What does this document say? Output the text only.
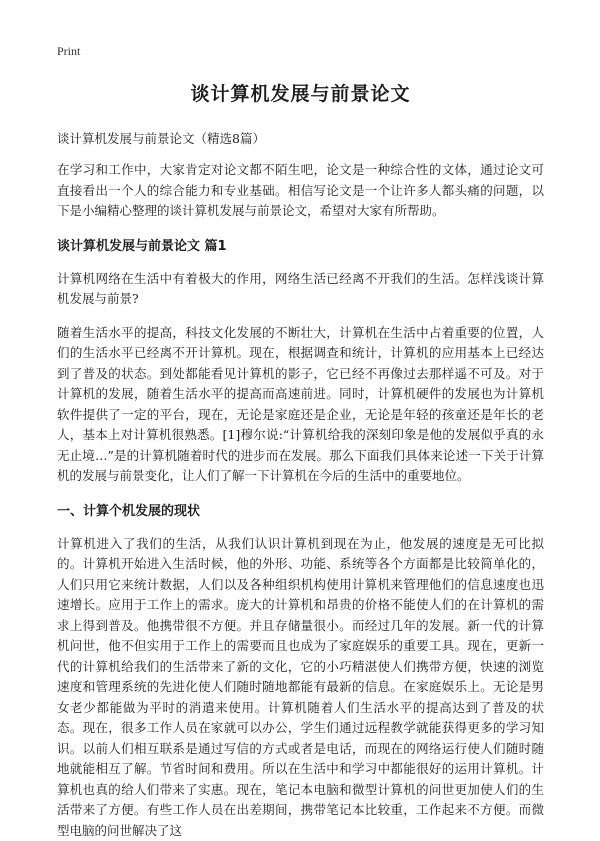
Print
谈计算机发展与前景论文
谈计算机发展与前景论文（精选8篇）

在学习和工作中，大家肯定对论文都不陌生吧，论文是一种综合性的文体，通过论文可直接看出一个人的综合能力和专业基础。相信写论文是一个让许多人都头痛的问题，以下是小编精心整理的谈计算机发展与前景论文，希望对大家有所帮助。

谈计算机发展与前景论文 篇1

计算机网络在生活中有着极大的作用，网络生活已经离不开我们的生活。怎样浅谈计算机发展与前景?

随着生活水平的提高，科技文化发展的不断壮大，计算机在生活中占着重要的位置，人们的生活水平已经离不开计算机。现在，根据调查和统计，计算机的应用基本上已经达到了普及的状态。到处都能看见计算机的影子，它已经不再像过去那样遥不可及。对于计算机的发展，随着生活水平的提高而高速前进。同时，计算机硬件的发展也为计算机软件提供了一定的平台，现在，无论是家庭还是企业，无论是年轻的孩童还是年长的老人，基本上对计算机很熟悉。[1]穆尔说:“计算机给我的深刻印象是他的发展似乎真的永无止境…”是的计算机随着时代的进步而在发展。那么下面我们具体来论述一下关于计算机的发展与前景变化，让人们了解一下计算机在今后的生活中的重要地位。

一、计算个机发展的现状

计算机进入了我们的生活，从我们认识计算机到现在为止，他发展的速度是无可比拟的。计算机开始进入生活时候，他的外形、功能、系统等各个方面都是比较简单化的，人们只用它来统计数据，人们以及各种组织机构使用计算机来管理他们的信息速度也迅速增长。应用于工作上的需求。庞大的计算机和昂贵的价格不能使人们的在计算机的需求上得到普及。他携带很不方便。并且存储量很小。而经过几年的发展。新一代的计算机问世，他不但实用于工作上的需要而且也成为了家庭娱乐的重要工具。现在，更新一代的计算机给我们的生活带来了新的文化，它的小巧精湛使人们携带方便，快速的浏览速度和管理系统的先进化使人们随时随地都能有最新的信息。在家庭娱乐上。无论是男女老少都能做为平时的消遣来使用。计算机随着人们生活水平的提高达到了普及的状态。现在，很多工作人员在家就可以办公，学生们通过远程教学就能获得更多的学习知识。以前人们相互联系是通过写信的方式或者是电话，而现在的网络运行使人们随时随地就能相互了解。节省时间和费用。所以在生活中和学习中都能很好的运用计算机。计算机也真的给人们带来了实惠。现在，笔记本电脑和微型计算机的问世更加使人们的生活带来了方便。有些工作人员在出差期间，携带笔记本比较重，工作起来不方便。而微型电脑的问世解决了这
